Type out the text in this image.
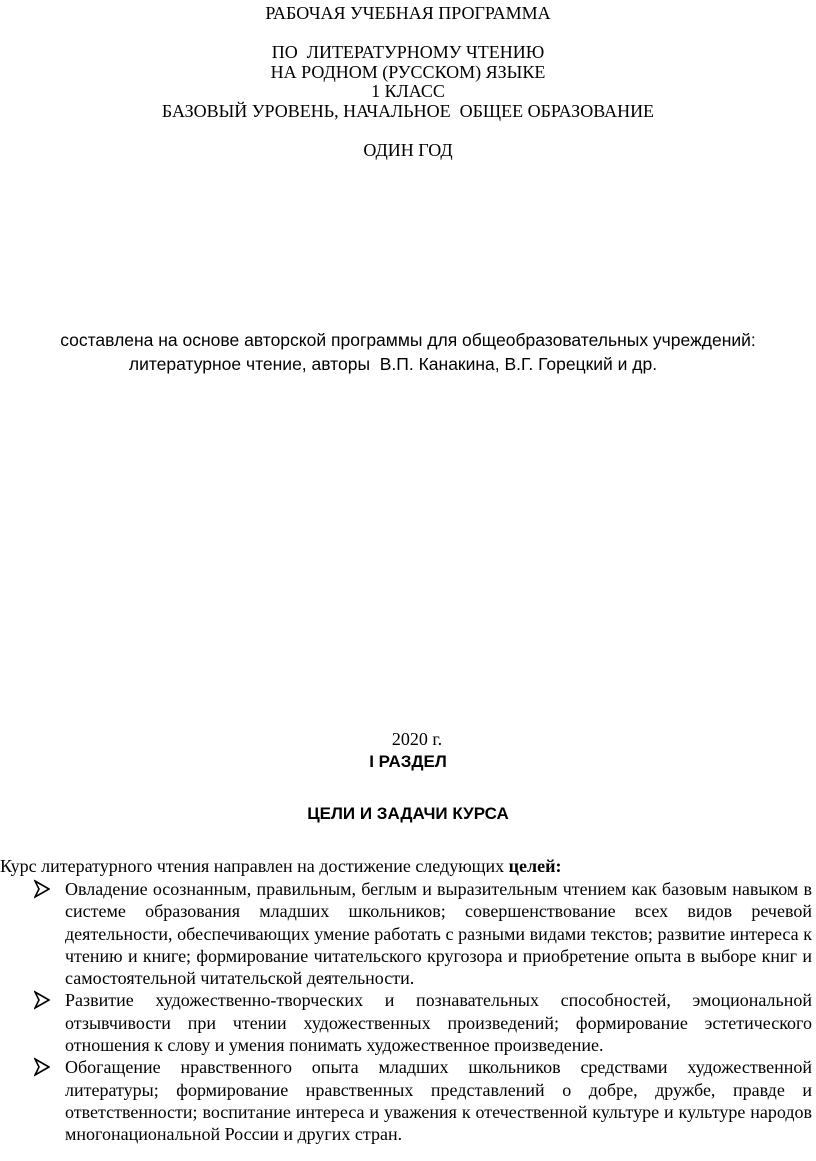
РАБОЧАЯ УЧЕБНАЯ ПРОГРАММА
ПО  ЛИТЕРАТУРНОМУ ЧТЕНИЮ
НА РОДНОМ (РУССКОМ) ЯЗЫКЕ
1 КЛАСС
БАЗОВЫЙ УРОВЕНЬ, НАЧАЛЬНОЕ  ОБЩЕЕ ОБРАЗОВАНИЕ
ОДИН ГОД
составлена на основе авторской программы для общеобразовательных учреждений:
литературное чтение, авторы  В.П. Канакина, В.Г. Горецкий и др.
2020 г.
I РАЗДЕЛ
ЦЕЛИ И ЗАДАЧИ КУРСА
Курс литературного чтения направлен на достижение следующих целей:
Овладение осознанным, правильным, беглым и выразительным чтением как базовым навыком в системе образования младших школьников; совершенствование всех видов речевой деятельности, обеспечивающих умение работать с разными видами текстов; развитие интереса к чтению и книге; формирование читательского кругозора и приобретение опыта в выборе книг и самостоятельной читательской деятельности.
Развитие художественно-творческих и познавательных способностей, эмоциональной отзывчивости при чтении художественных произведений; формирование эстетического отношения к слову и умения понимать художественное произведение.
Обогащение нравственного опыта младших школьников средствами художественной литературы; формирование нравственных представлений о добре, дружбе, правде и ответственности; воспитание интереса и уважения к отечественной культуре и культуре народов многонациональной России и других стран.
